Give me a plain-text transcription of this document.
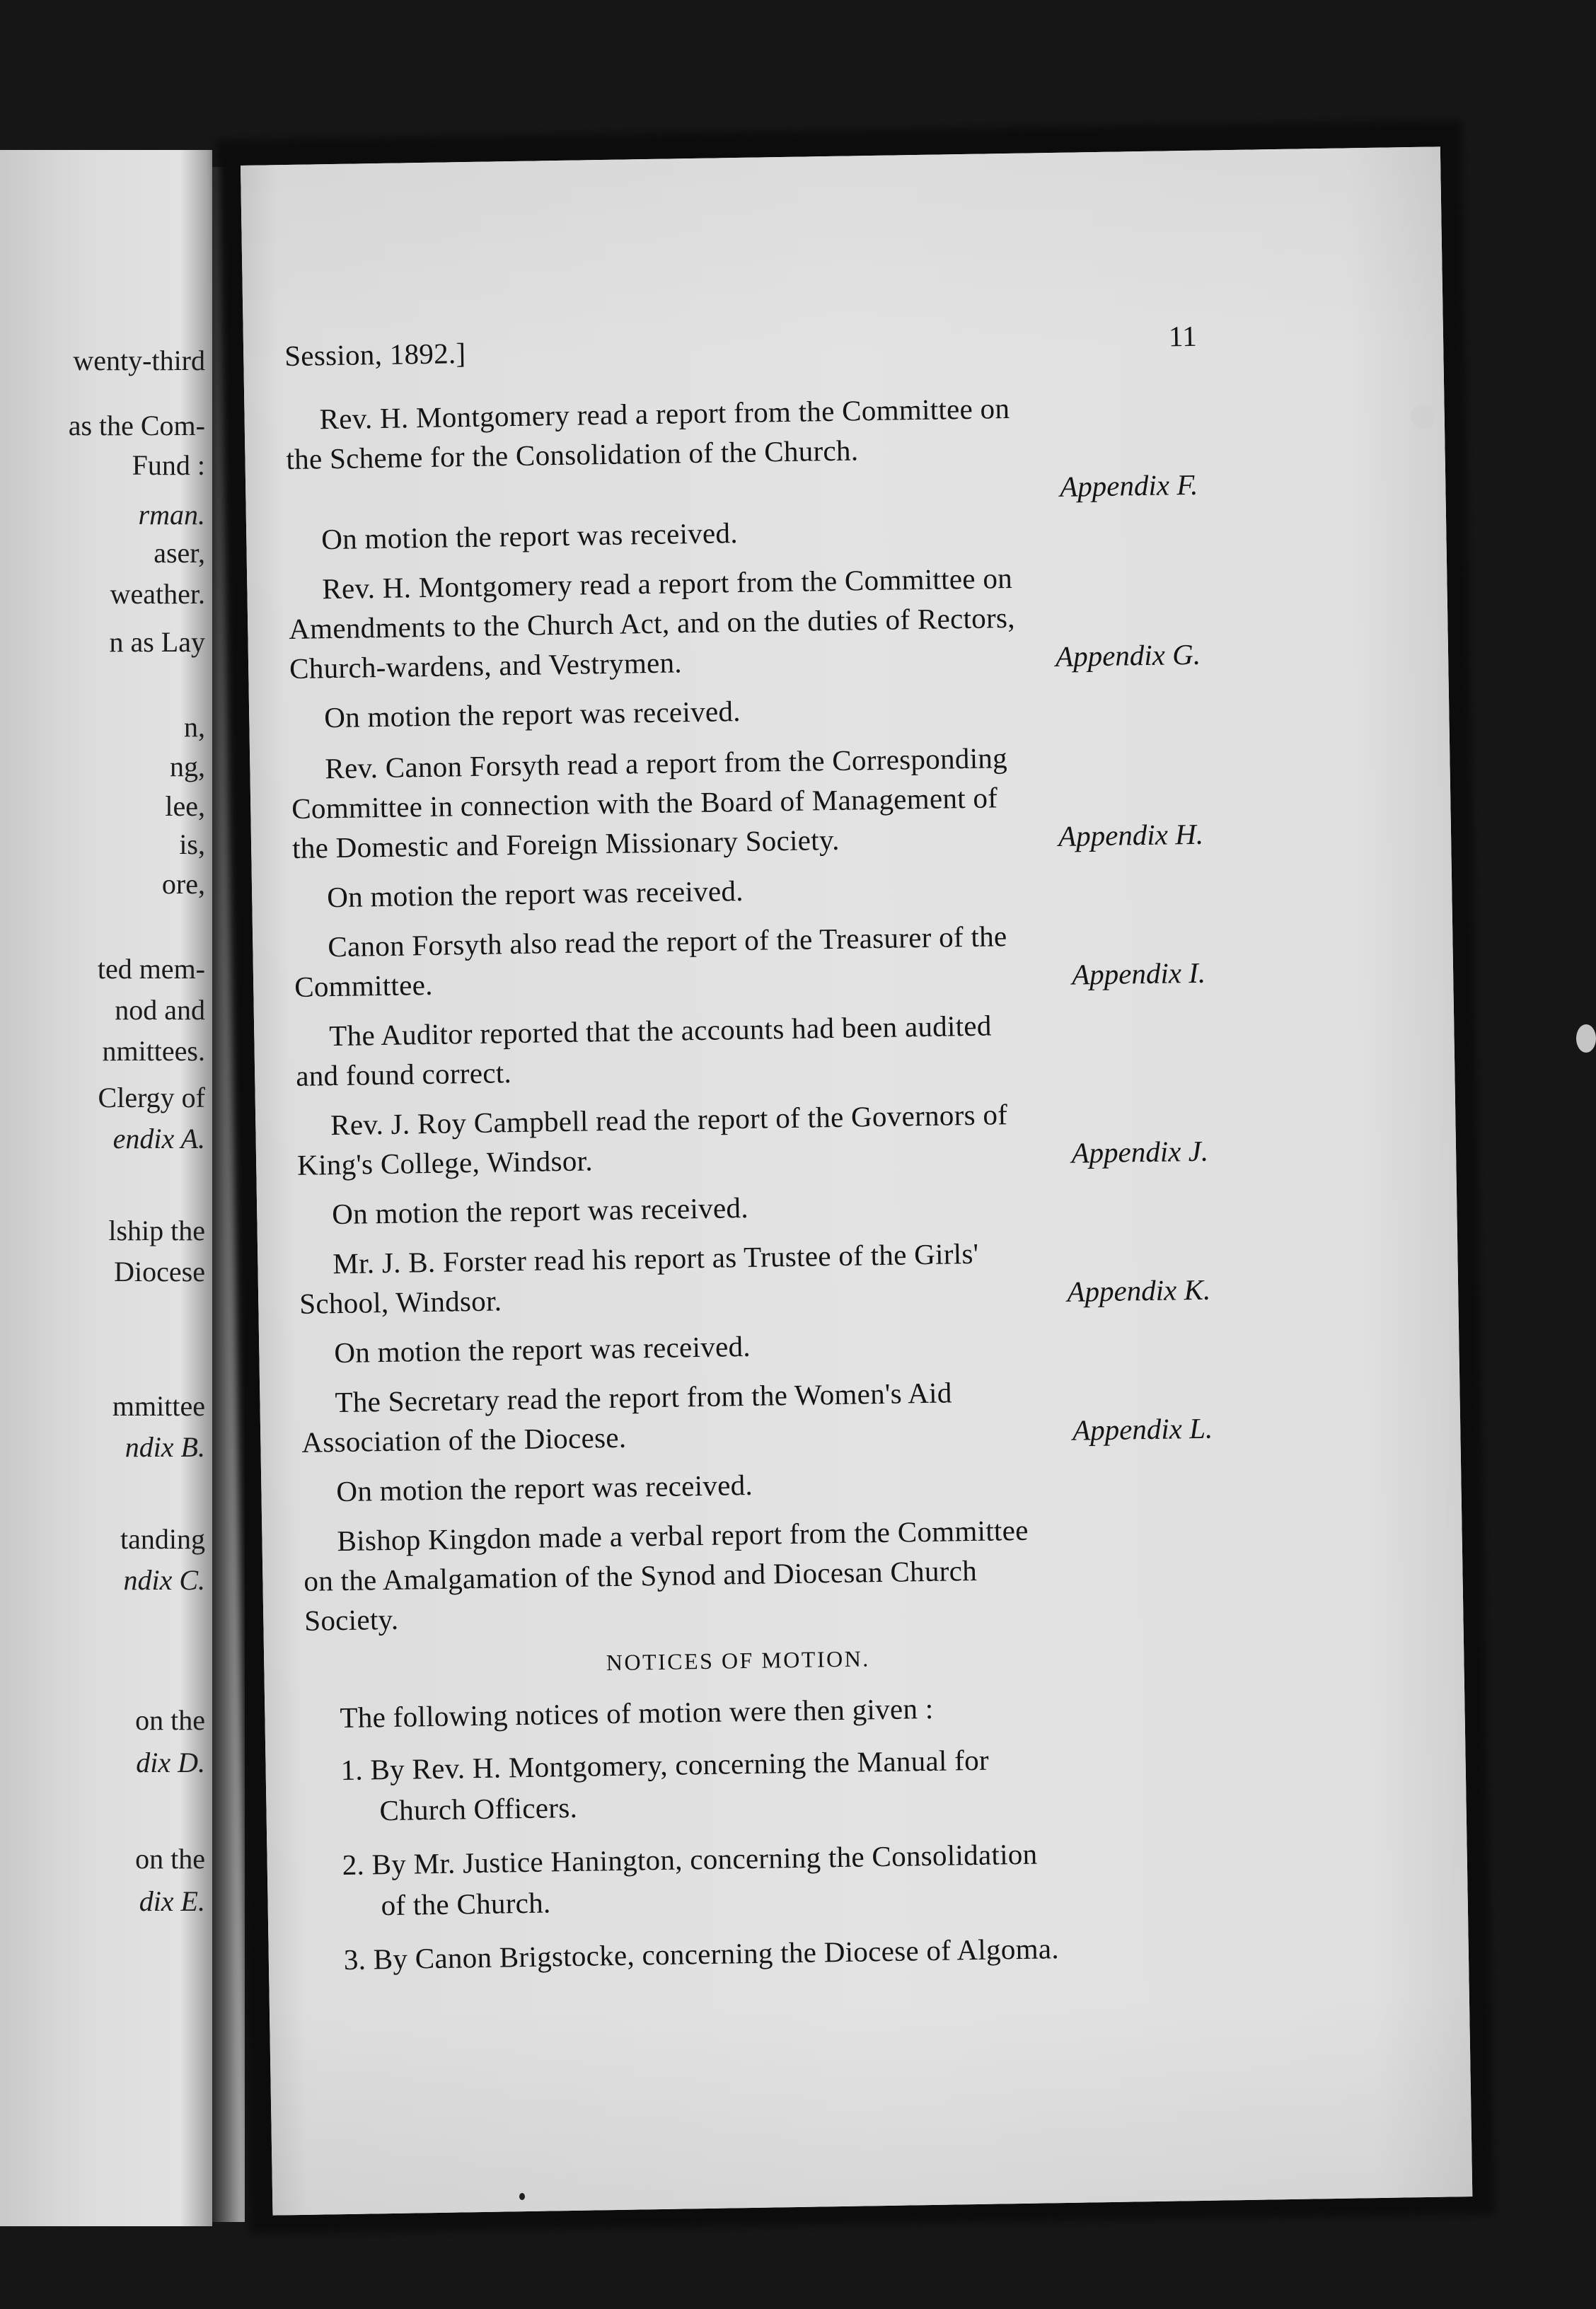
wenty-third
as the Com-
Fund :
rman.
aser,
weather.
n as Lay
n,
ng,
lee,
is,
ore,
ted mem-
nod and
nmittees.
Clergy of
endix A.
lship the
Diocese
mmittee
ndix B.
tanding
ndix C.
on the
dix D.
on the
dix E.
Session, 1892.]
11
Rev. H. Montgomery read a report from the Committee on
the Scheme for the Consolidation of the Church.
On motion the report was received.
Rev. H. Montgomery read a report from the Committee on
Amendments to the Church Act, and on the duties of Rectors,
Church-wardens, and Vestrymen.
On motion the report was received.
Rev. Canon Forsyth read a report from the Corresponding
Committee in connection with the Board of Management of
the Domestic and Foreign Missionary Society.
On motion the report was received.
Canon Forsyth also read the report of the Treasurer of the
Committee.
The Auditor reported that the accounts had been audited
and found correct.
Rev. J. Roy Campbell read the report of the Governors of
King's College, Windsor.
On motion the report was received.
Mr. J. B. Forster read his report as Trustee of the Girls'
School, Windsor.
On motion the report was received.
The Secretary read the report from the Women's Aid
Association of the Diocese.
On motion the report was received.
Bishop Kingdon made a verbal report from the Committee
on the Amalgamation of the Synod and Diocesan Church
Society.
Appendix F.
Appendix G.
Appendix H.
Appendix I.
Appendix J.
Appendix K.
Appendix L.
NOTICES OF MOTION.
The following notices of motion were then given :
1. By Rev. H. Montgomery, concerning the Manual for
Church Officers.
2. By Mr. Justice Hanington, concerning the Consolidation
of the Church.
3. By Canon Brigstocke, concerning the Diocese of Algoma.
